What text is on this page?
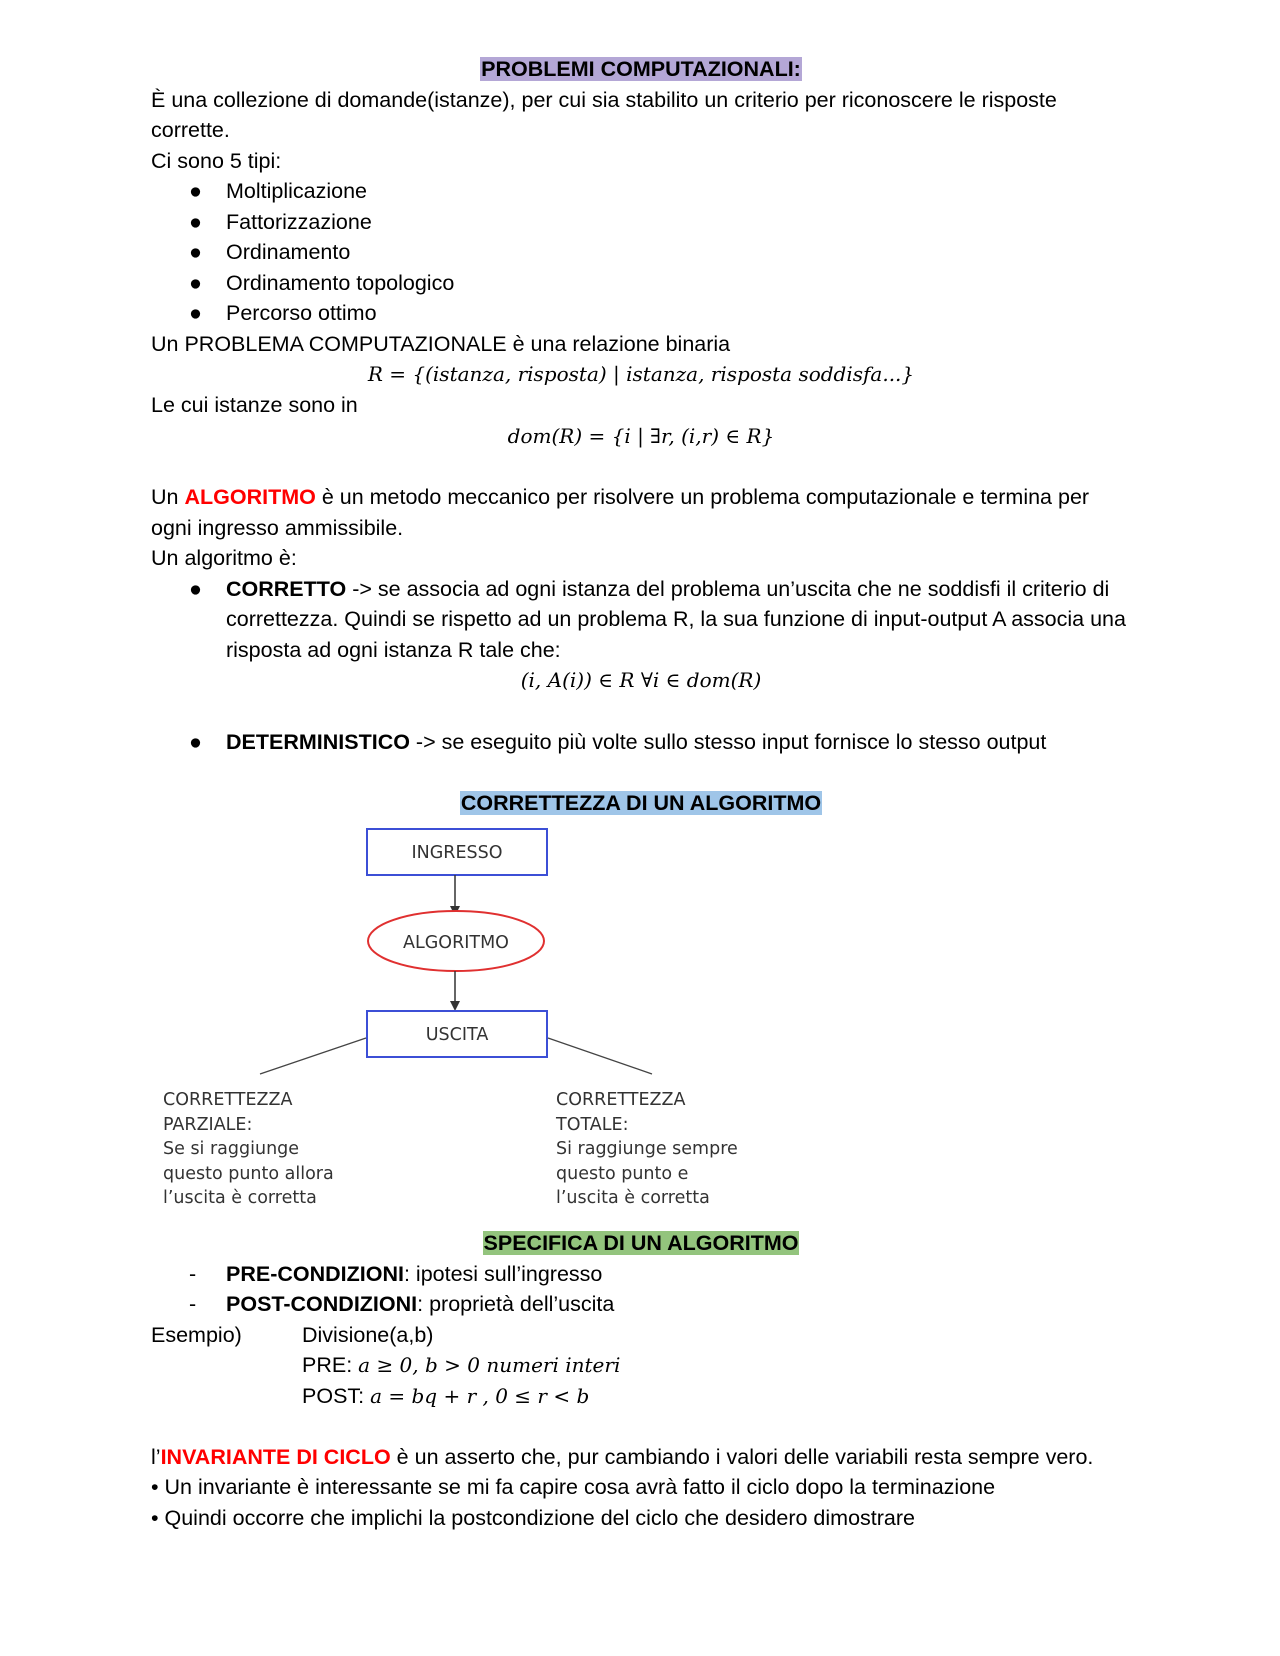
PROBLEMI COMPUTAZIONALI:
È una collezione di domande(istanze), per cui sia stabilito un criterio per riconoscere le risposte corrette.
Ci sono 5 tipi:
● Moltiplicazione
● Fattorizzazione
● Ordinamento
● Ordinamento topologico
● Percorso ottimo
Un PROBLEMA COMPUTAZIONALE è una relazione binaria
R = {(istanza, risposta) | istanza, risposta soddisfa...}
Le cui istanze sono in
dom(R) = {i | ∃r, (i,r) ∈ R}
Un ALGORITMO è un metodo meccanico per risolvere un problema computazionale e termina per ogni ingresso ammissibile.
Un algoritmo è:
● CORRETTO -> se associa ad ogni istanza del problema un’uscita che ne soddisfi il criterio di correttezza. Quindi se rispetto ad un problema R, la sua funzione di input-output A associa una risposta ad ogni istanza R tale che:
(i, A(i)) ∈ R ∀i ∈ dom(R)
● DETERMINISTICO -> se eseguito più volte sullo stesso input fornisce lo stesso output
CORRETTEZZA DI UN ALGORITMO
INGRESSO
ALGORITMO
USCITA
CORRETTEZZA
PARZIALE:
Se si raggiunge
questo punto allora
l’uscita è corretta
CORRETTEZZA
TOTALE:
Si raggiunge sempre
questo punto e
l’uscita è corretta
SPECIFICA DI UN ALGORITMO
- PRE-CONDIZIONI: ipotesi sull’ingresso
- POST-CONDIZIONI: proprietà dell’uscita
Esempio)	Divisione(a,b)
PRE: a ≥ 0, b > 0 numeri interi
POST: a = bq + r , 0 ≤ r < b
l’INVARIANTE DI CICLO è un asserto che, pur cambiando i valori delle variabili resta sempre vero.
• Un invariante è interessante se mi fa capire cosa avrà fatto il ciclo dopo la terminazione
• Quindi occorre che implichi la postcondizione del ciclo che desidero dimostrare
